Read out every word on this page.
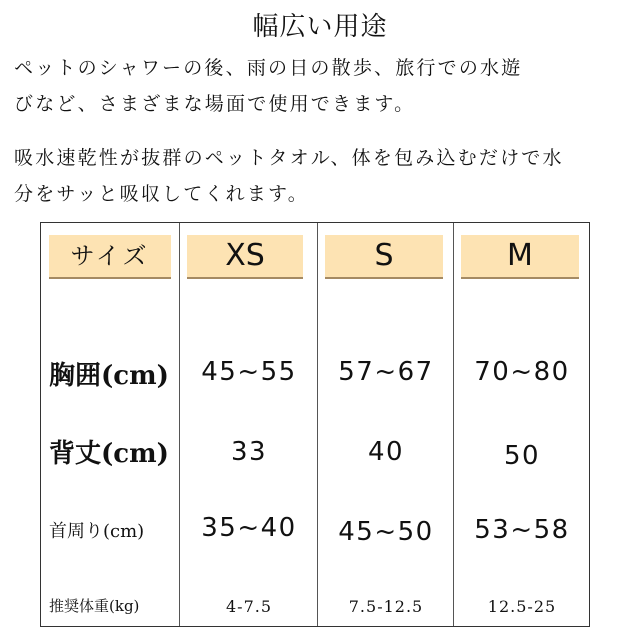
幅広い用途
ペットのシャワーの後、雨の日の散歩、旅行での水遊
びなど、さまざまな場面で使用できます。
吸水速乾性が抜群のペットタオル、体を包み込むだけで水
分をサッと吸収してくれます。
サイズ	XS	S	M
胸囲(cm)	45~55	57~67	70~80
背丈(cm)	33	40	50
首周り(cm)	35~40	45~50	53~58
推奨体重(kg)	4-7.5	7.5-12.5	12.5-25
